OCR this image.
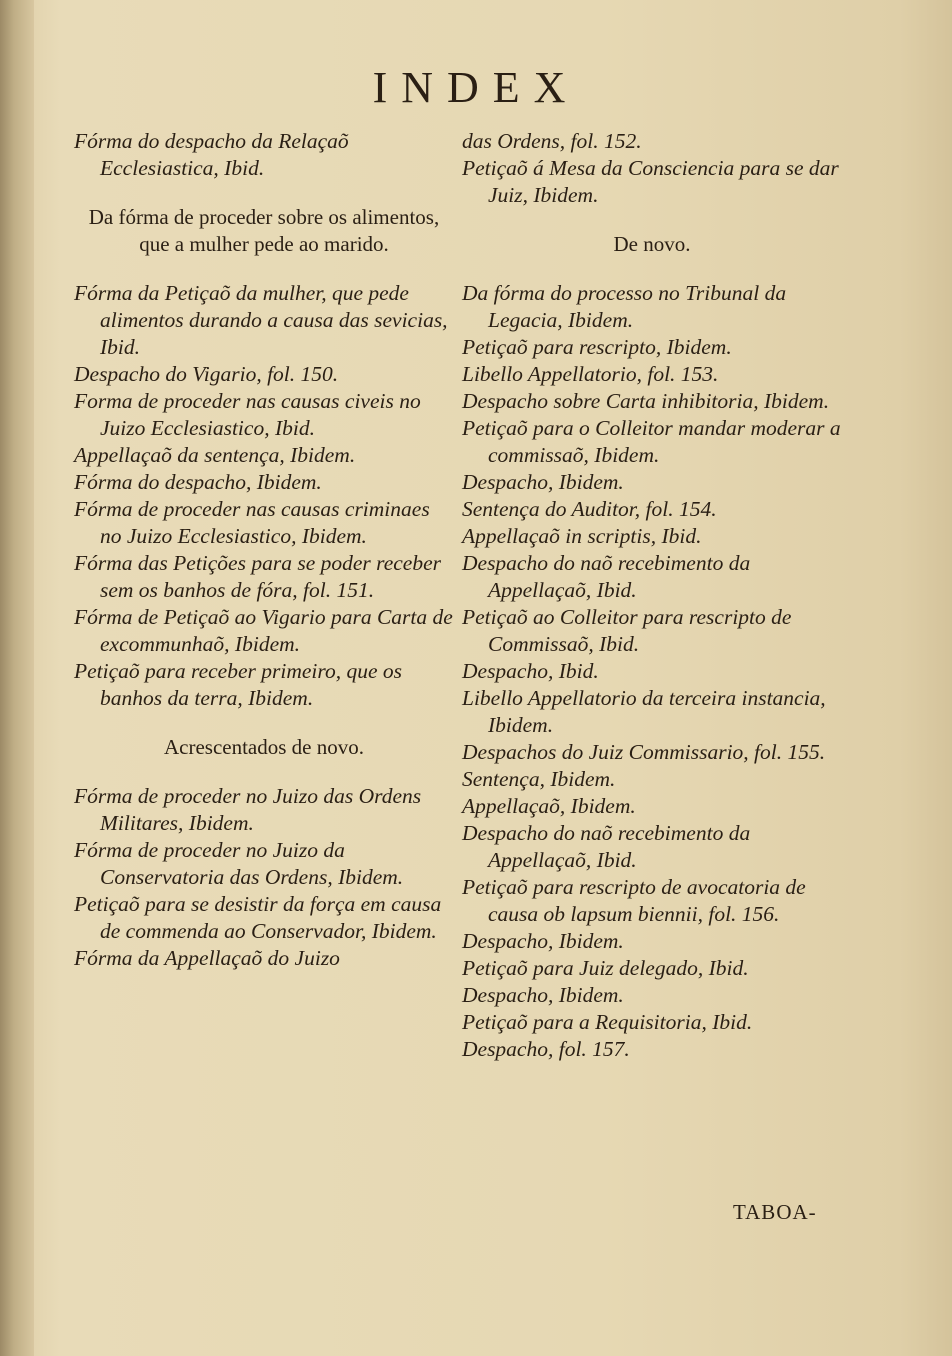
INDEX
Fórma do despacho da Relaçaõ Ecclesiastica, Ibid.
Da fórma de proceder sobre os alimentos, que a mulher pede ao marido.
Fórma da Petiçaõ da mulher, que pede alimentos durando a causa das sevicias, Ibid.
Despacho do Vigario, fol. 150.
Forma de proceder nas causas civeis no Juizo Ecclesiastico, Ibid.
Appellaçaõ da sentença, Ibidem.
Fórma do despacho, Ibidem.
Fórma de proceder nas causas criminaes no Juizo Ecclesiastico, Ibidem.
Fórma das Petições para se poder receber sem os banhos de fóra, fol. 151.
Fórma de Petiçaõ ao Vigario para Carta de excommunhaõ, Ibidem.
Petiçaõ para receber primeiro, que os banhos da terra, Ibidem.
Acrescentados de novo.
Fórma de proceder no Juizo das Ordens Militares, Ibidem.
Fórma de proceder no Juizo da Conservatoria das Ordens, Ibidem.
Petiçaõ para se desistir da força em causa de commenda ao Conservador, Ibidem.
Fórma da Appellaçaõ do Juizo
das Ordens, fol. 152.
Petiçaõ á Mesa da Consciencia para se dar Juiz, Ibidem.
De novo.
Da fórma do processo no Tribunal da Legacia, Ibidem.
Petiçaõ para rescripto, Ibidem.
Libello Appellatorio, fol. 153.
Despacho sobre Carta inhibitoria, Ibidem.
Petiçaõ para o Colleitor mandar moderar a commissaõ, Ibidem.
Despacho, Ibidem.
Sentença do Auditor, fol. 154.
Appellaçaõ in scriptis, Ibid.
Despacho do naõ recebimento da Appellaçaõ, Ibid.
Petiçaõ ao Colleitor para rescripto de Commissaõ, Ibid.
Despacho, Ibid.
Libello Appellatorio da terceira instancia, Ibidem.
Despachos do Juiz Commissario, fol. 155.
Sentença, Ibidem.
Appellaçaõ, Ibidem.
Despacho do naõ recebimento da Appellaçaõ, Ibid.
Petiçaõ para rescripto de avocatoria de causa ob lapsum biennii, fol. 156.
Despacho, Ibidem.
Petiçaõ para Juiz delegado, Ibid.
Despacho, Ibidem.
Petiçaõ para a Requisitoria, Ibid.
Despacho, fol. 157.
TABOA-
